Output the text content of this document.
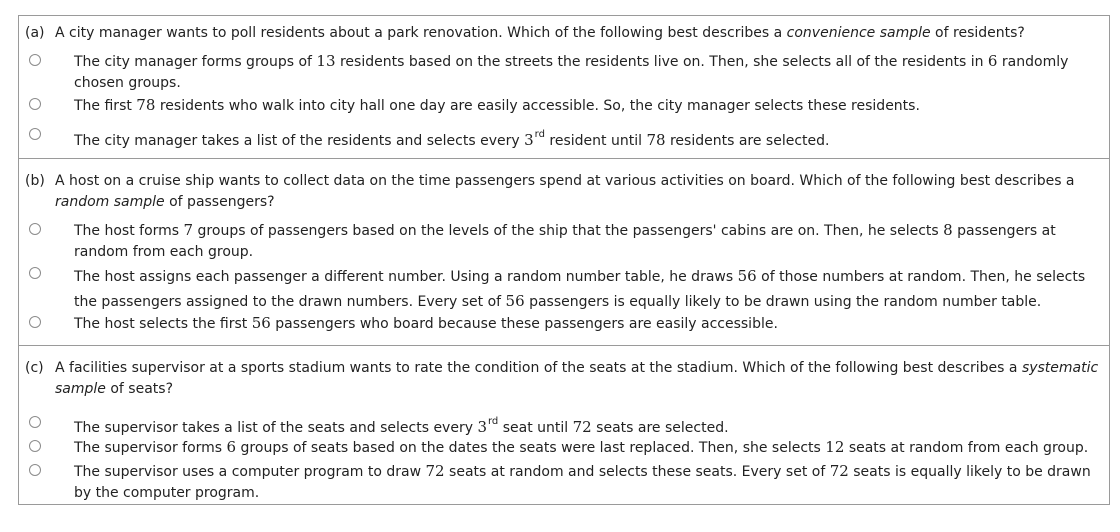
(a) A city manager wants to poll residents about a park renovation. Which of the following best describes a convenience sample of residents?
The city manager forms groups of 13 residents based on the streets the residents live on. Then, she selects all of the residents in 6 randomly chosen groups.
The first 78 residents who walk into city hall one day are easily accessible. So, the city manager selects these residents.
The city manager takes a list of the residents and selects every 3rd resident until 78 residents are selected.
(b) A host on a cruise ship wants to collect data on the time passengers spend at various activities on board. Which of the following best describes a random sample of passengers?
The host forms 7 groups of passengers based on the levels of the ship that the passengers' cabins are on. Then, he selects 8 passengers at random from each group.
The host assigns each passenger a different number. Using a random number table, he draws 56 of those numbers at random. Then, he selects the passengers assigned to the drawn numbers. Every set of 56 passengers is equally likely to be drawn using the random number table.
The host selects the first 56 passengers who board because these passengers are easily accessible.
(c) A facilities supervisor at a sports stadium wants to rate the condition of the seats at the stadium. Which of the following best describes a systematic sample of seats?
The supervisor takes a list of the seats and selects every 3rd seat until 72 seats are selected.
The supervisor forms 6 groups of seats based on the dates the seats were last replaced. Then, she selects 12 seats at random from each group.
The supervisor uses a computer program to draw 72 seats at random and selects these seats. Every set of 72 seats is equally likely to be drawn by the computer program.
